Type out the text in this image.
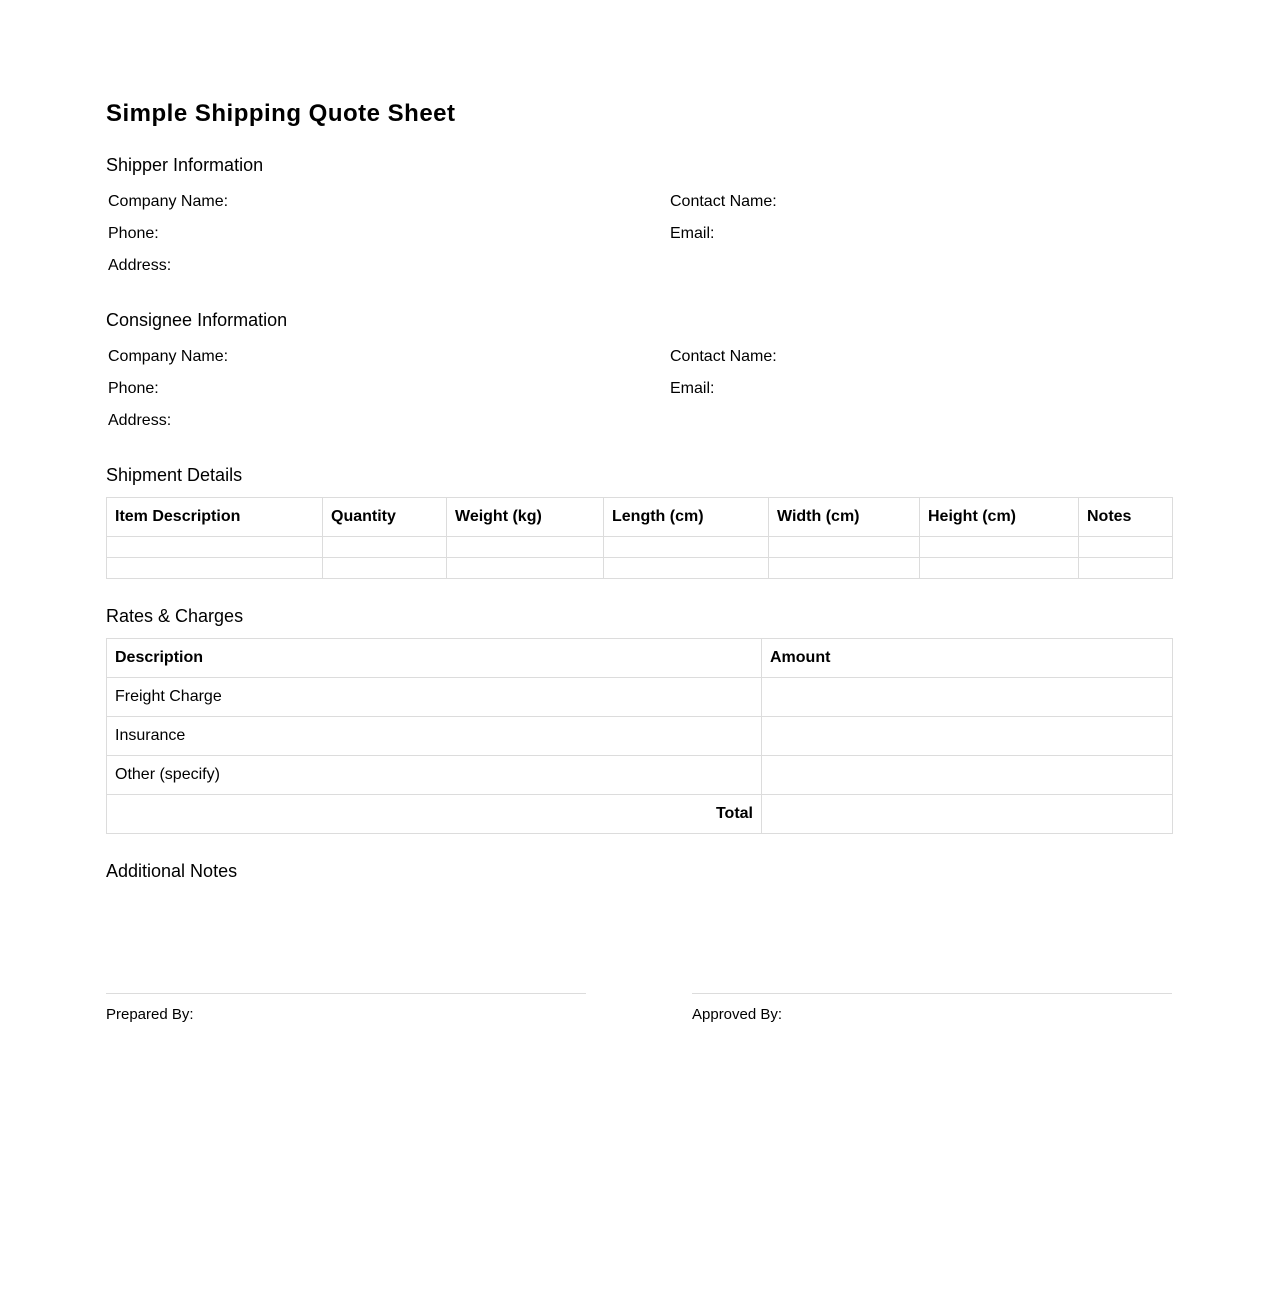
Simple Shipping Quote Sheet
Shipper Information
Company Name:	Contact Name:
Phone:	Email:
Address:
Consignee Information
Company Name:	Contact Name:
Phone:	Email:
Address:
Shipment Details
Item Description	Quantity	Weight (kg)	Length (cm)	Width (cm)	Height (cm)	Notes

Rates & Charges
Description	Amount
Freight Charge	
Insurance	
Other (specify)	
Total	
Additional Notes
Prepared By:	Approved By:
